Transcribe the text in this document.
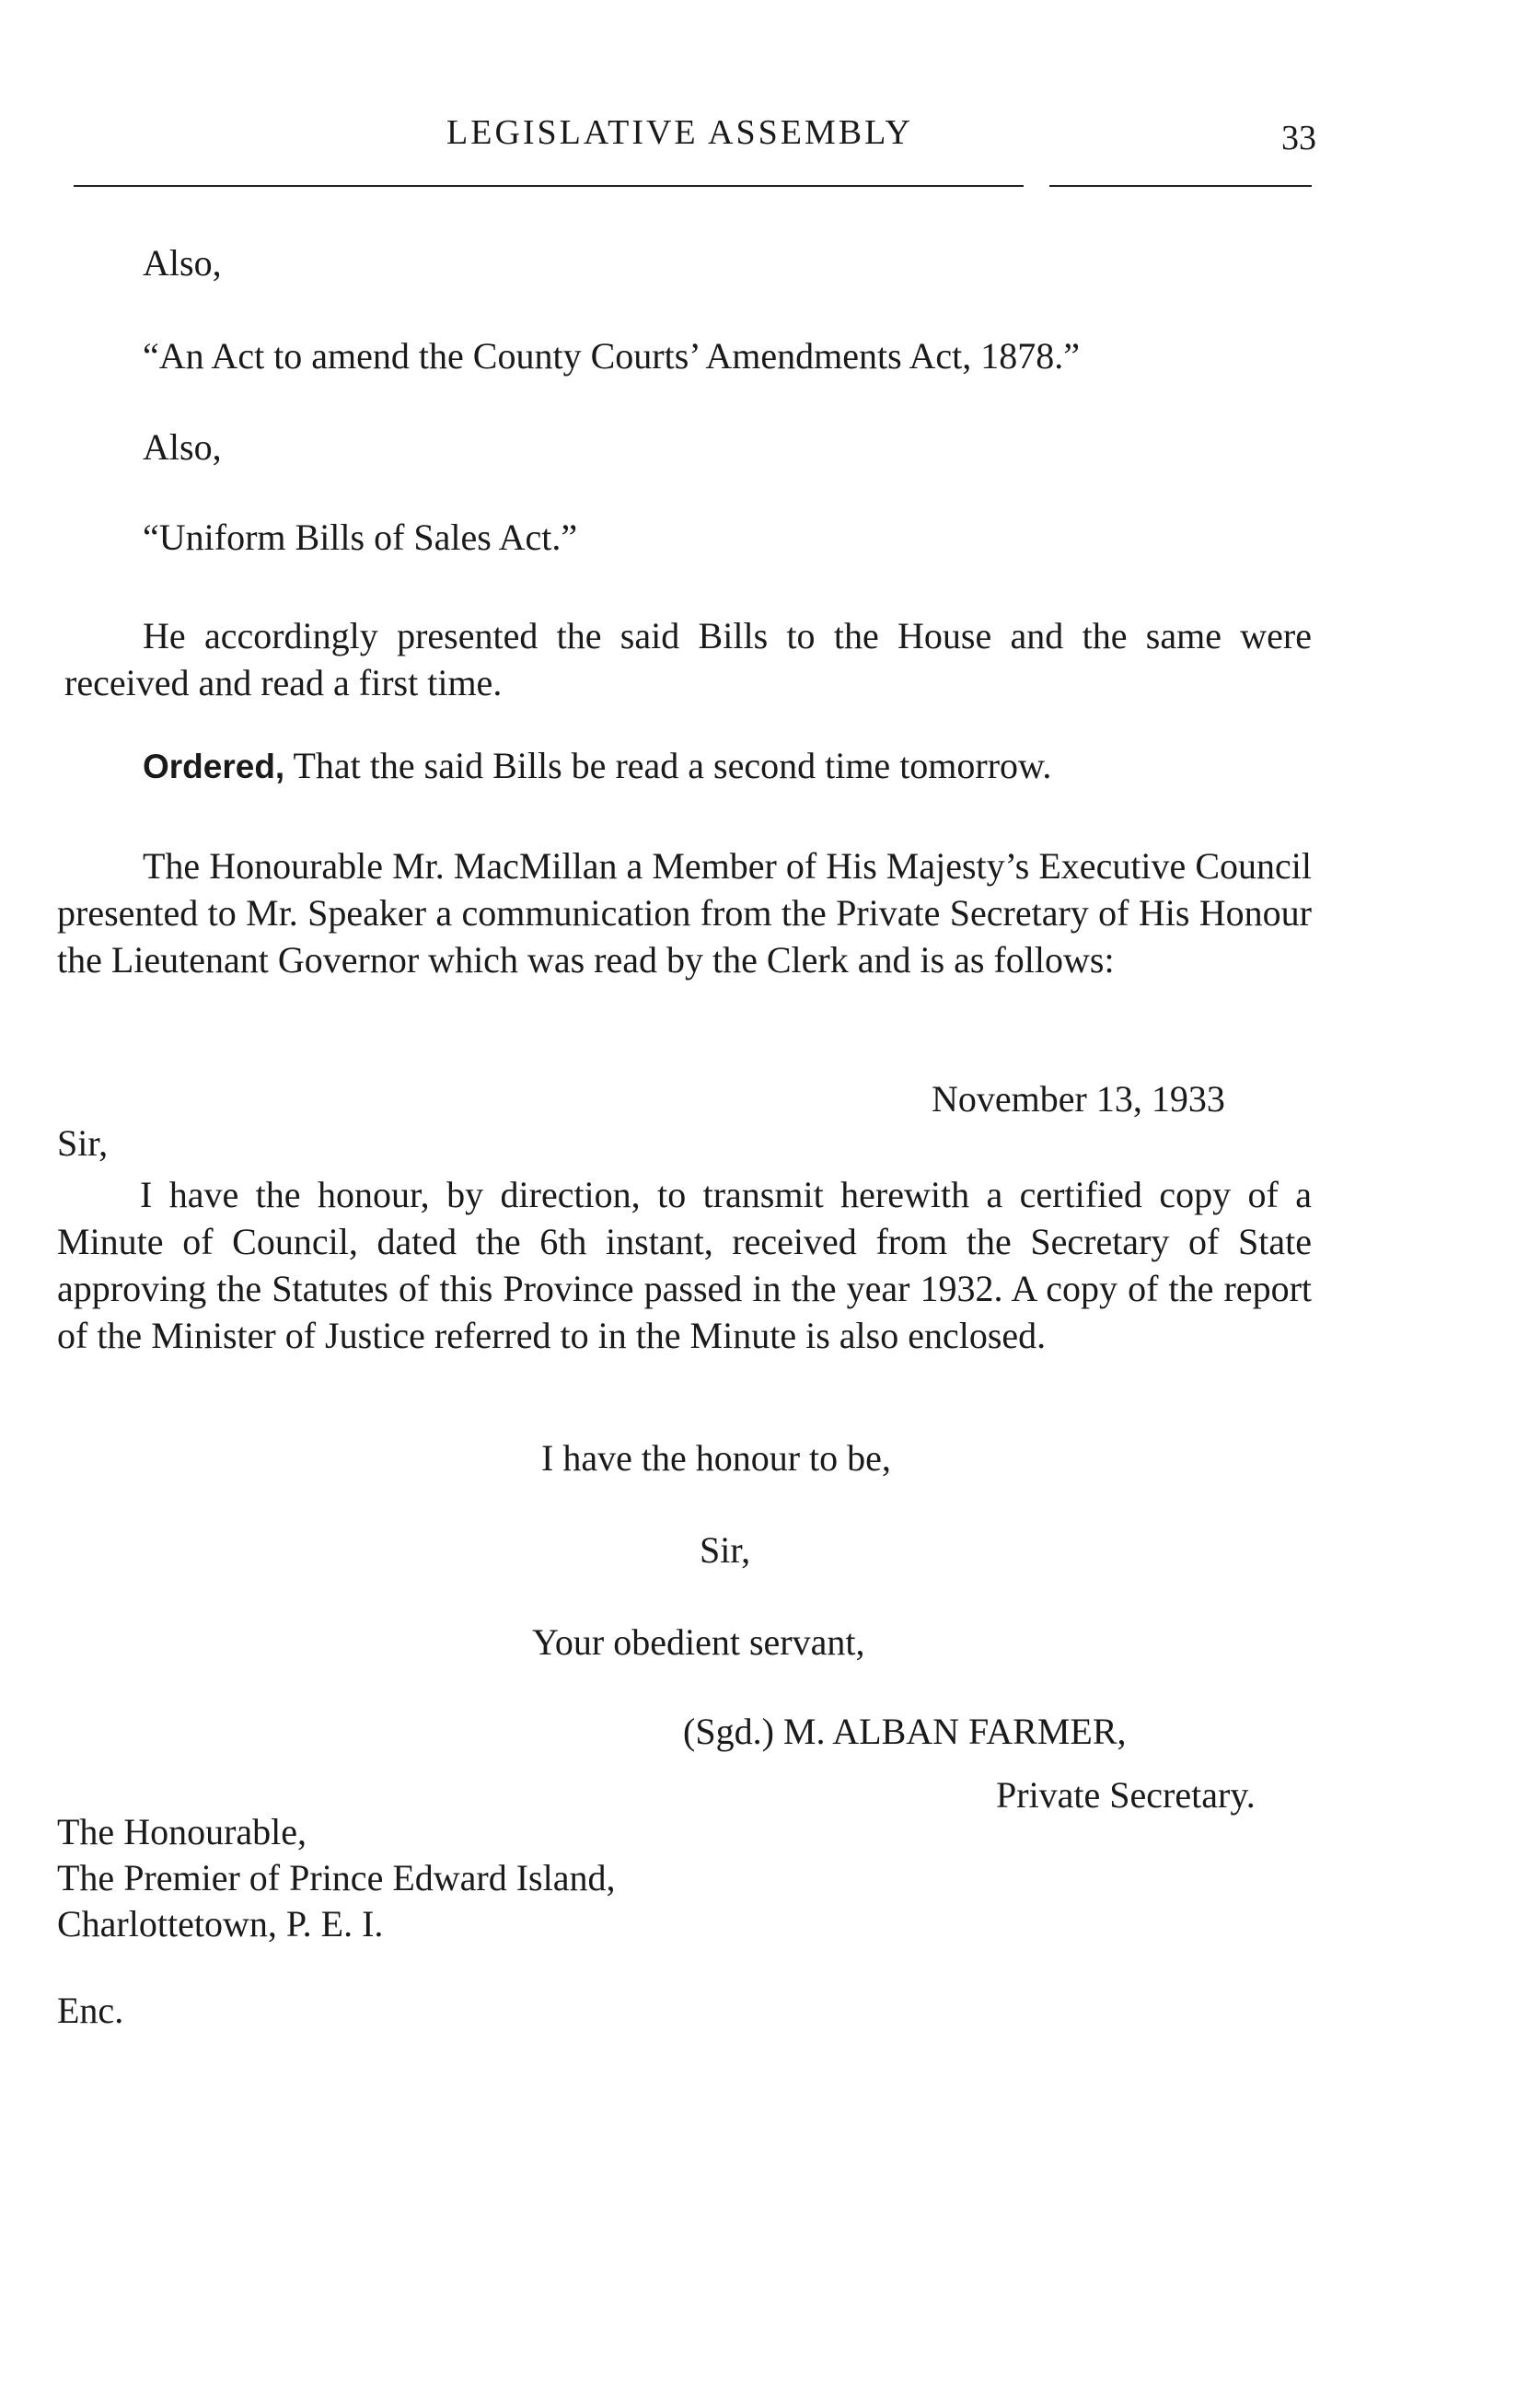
LEGISLATIVE ASSEMBLY	33

Also,

“An Act to amend the County Courts’ Amendments Act, 1878.”

Also,

“Uniform Bills of Sales Act.”

He accordingly presented the said Bills to the House and the same were received and read a first time.

Ordered, That the said Bills be read a second time tomorrow.

The Honourable Mr. MacMillan a Member of His Majesty’s Executive Council presented to Mr. Speaker a communication from the Private Secretary of His Honour the Lieutenant Governor which was read by the Clerk and is as follows:

November 13, 1933

Sir,

I have the honour, by direction, to transmit herewith a certified copy of a Minute of Council, dated the 6th instant, received from the Secretary of State approving the Statutes of this Province passed in the year 1932. A copy of the report of the Minister of Justice referred to in the Minute is also enclosed.

I have the honour to be,

Sir,

Your obedient servant,

(Sgd.) M. ALBAN FARMER,

Private Secretary.

The Honourable,

The Premier of Prince Edward Island,

Charlottetown, P. E. I.

Enc.
